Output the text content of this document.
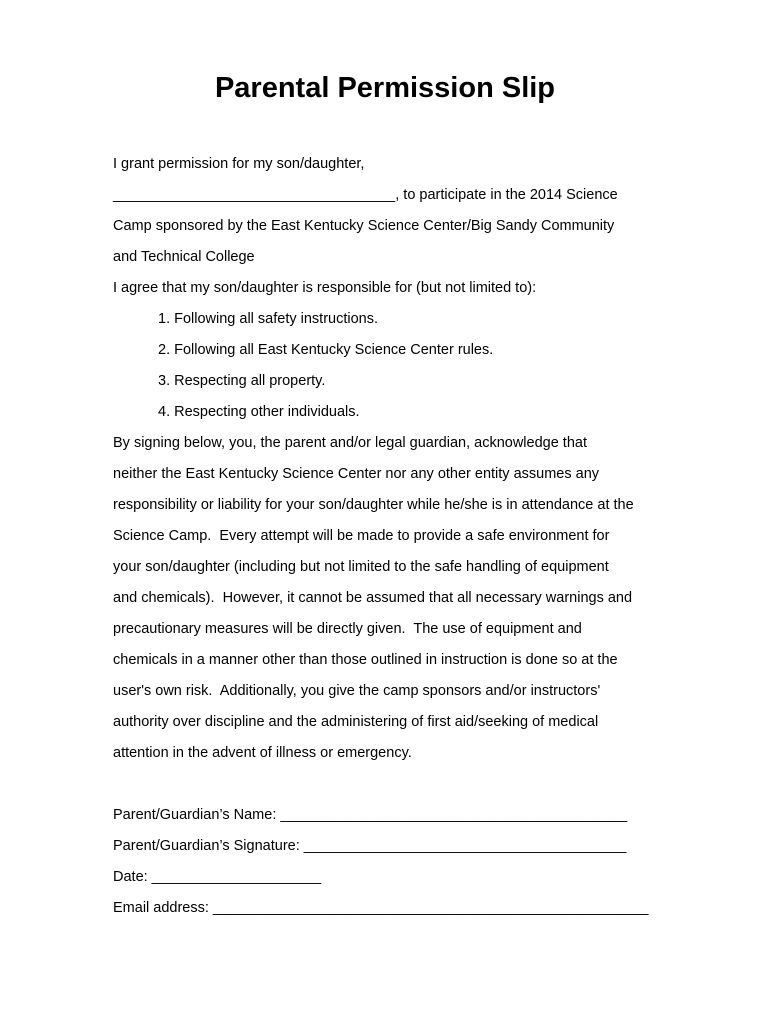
Parental Permission Slip
I grant permission for my son/daughter,
___________________________________, to participate in the 2014 Science
Camp sponsored by the East Kentucky Science Center/Big Sandy Community
and Technical College
I agree that my son/daughter is responsible for (but not limited to):
1. Following all safety instructions.
2. Following all East Kentucky Science Center rules.
3. Respecting all property.
4. Respecting other individuals.
By signing below, you, the parent and/or legal guardian, acknowledge that
neither the East Kentucky Science Center nor any other entity assumes any
responsibility or liability for your son/daughter while he/she is in attendance at the
Science Camp.  Every attempt will be made to provide a safe environment for
your son/daughter (including but not limited to the safe handling of equipment
and chemicals).  However, it cannot be assumed that all necessary warnings and
precautionary measures will be directly given.  The use of equipment and
chemicals in a manner other than those outlined in instruction is done so at the
user's own risk.  Additionally, you give the camp sponsors and/or instructors'
authority over discipline and the administering of first aid/seeking of medical
attention in the advent of illness or emergency.
Parent/Guardian’s Name: ___________________________________________
Parent/Guardian’s Signature: ________________________________________
Date: _____________________
Email address: ______________________________________________________
